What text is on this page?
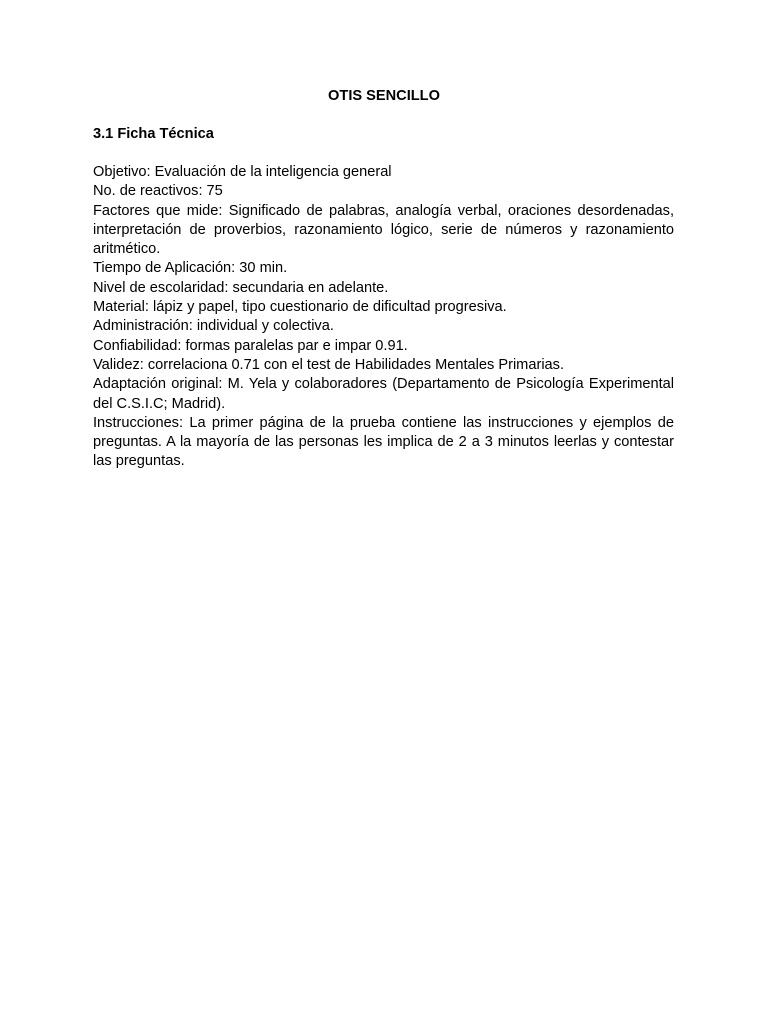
OTIS SENCILLO
3.1 Ficha Técnica

Objetivo: Evaluación de la inteligencia general

No. de reactivos: 75

Factores que mide: Significado de palabras, analogía verbal, oraciones desordenadas, interpretación de proverbios, razonamiento lógico, serie de números y razonamiento aritmético.

Tiempo de Aplicación: 30 min.

Nivel de escolaridad: secundaria en adelante.

Material: lápiz y papel, tipo cuestionario de dificultad progresiva.

Administración: individual y colectiva.

Confiabilidad: formas paralelas par e impar 0.91.

Validez: correlaciona 0.71 con el test de Habilidades Mentales Primarias.

Adaptación original: M. Yela y colaboradores (Departamento de Psicología Experimental del C.S.I.C; Madrid).

Instrucciones: La primer página de la prueba contiene las instrucciones y ejemplos de preguntas. A la mayoría de las personas les implica de 2 a 3 minutos leerlas y contestar las preguntas.
